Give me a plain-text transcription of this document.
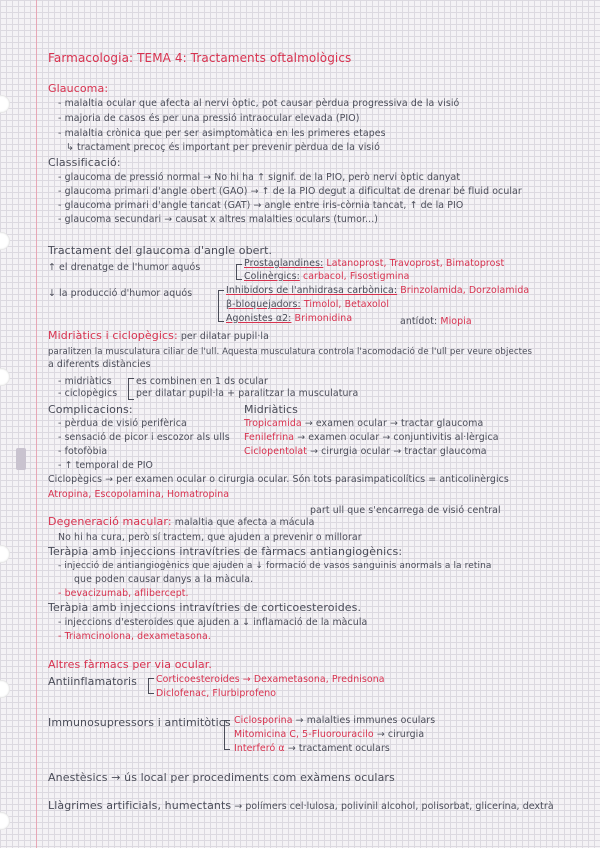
Farmacologia: TEMA 4: Tractaments oftalmològics
Glaucoma:
- malaltia ocular que afecta al nervi òptic, pot causar pèrdua progressiva de la visió
- majoria de casos és per una pressió intraocular elevada (PIO)
- malaltia crònica que per ser asimptomàtica en les primeres etapes
↳ tractament precoç és important per prevenir pèrdua de la visió
Classificació:
- glaucoma de pressió normal → No hi ha ↑ signif. de la PIO, però nervi òptic danyat
- glaucoma primari d'angle obert (GAO) → ↑ de la PIO degut a dificultat de drenar bé fluid ocular
- glaucoma primari d'angle tancat (GAT) → angle entre iris-còrnia tancat, ↑ de la PIO
- glaucoma secundari → causat x altres malalties oculars (tumor...)
Tractament del glaucoma d'angle obert.
↑ el drenatge de l'humor aquós	Prostaglandines: Latanoprost, Travoprost, Bimatoprost
Colinèrgics: carbacol, Fisostigmina
↓ la producció d'humor aquós	Inhibidors de l'anhidrasa carbònica: Brinzolamida, Dorzolamida
β-bloquejadors: Timolol, Betaxolol
Agonistes α2: Brimonidina	antídot: Miopia
Midriàtics i ciclopègics: per dilatar pupil·la
paralitzen la musculatura ciliar de l'ull. Aquesta musculatura controla l'acomodació de l'ull per veure objectes
a diferents distàncies
- midriàtics
- ciclopègics
es combinen en 1 ds ocular
per dilatar pupil·la + paralitzar la musculatura
Complicacions:
- pèrdua de visió perifèrica
- sensació de picor i escozor als ulls
- fotofòbia
- ↑ temporal de PIO
Midriàtics
Tropicamida → examen ocular → tractar glaucoma
Fenilefrina → examen ocular → conjuntivitis al·lèrgica
Ciclopentolat → cirurgia ocular → tractar glaucoma
Ciclopègics → per examen ocular o cirurgia ocular. Són tots parasimpaticolítics = anticolinèrgics
Atropina, Escopolamina, Homatropina
part ull que s'encarrega de visió central
Degeneració macular: malaltia que afecta a mácula
No hi ha cura, però sí tractem, que ajuden a prevenir o millorar
Teràpia amb injeccions intravítries de fàrmacs antiangiogènics:
- injecció de antiangiogènics que ajuden a ↓ formació de vasos sanguinis anormals a la retina
que poden causar danys a la màcula.
- bevacizumab, aflibercept.
Teràpia amb injeccions intravítries de corticoesteroides.
- injeccions d'esteroides que ajuden a ↓ inflamació de la màcula
- Triamcinolona, dexametasona.
Altres fàrmacs per via ocular.
Antiinflamatoris Corticoesteroides → Dexametasona, Prednisona
Diclofenac, Flurbiprofeno
Immunosupressors i antimitòtics Ciclosporina → malalties immunes oculars
Mitomicina C, 5-Fluorouracilo → cirurgia
Interferó α → tractament oculars
Anestèsics → ús local per procediments com exàmens oculars
Llàgrimes artificials, humectants → polímers cel·lulosa, polivinil alcohol, polisorbat, glicerina, dextrà
